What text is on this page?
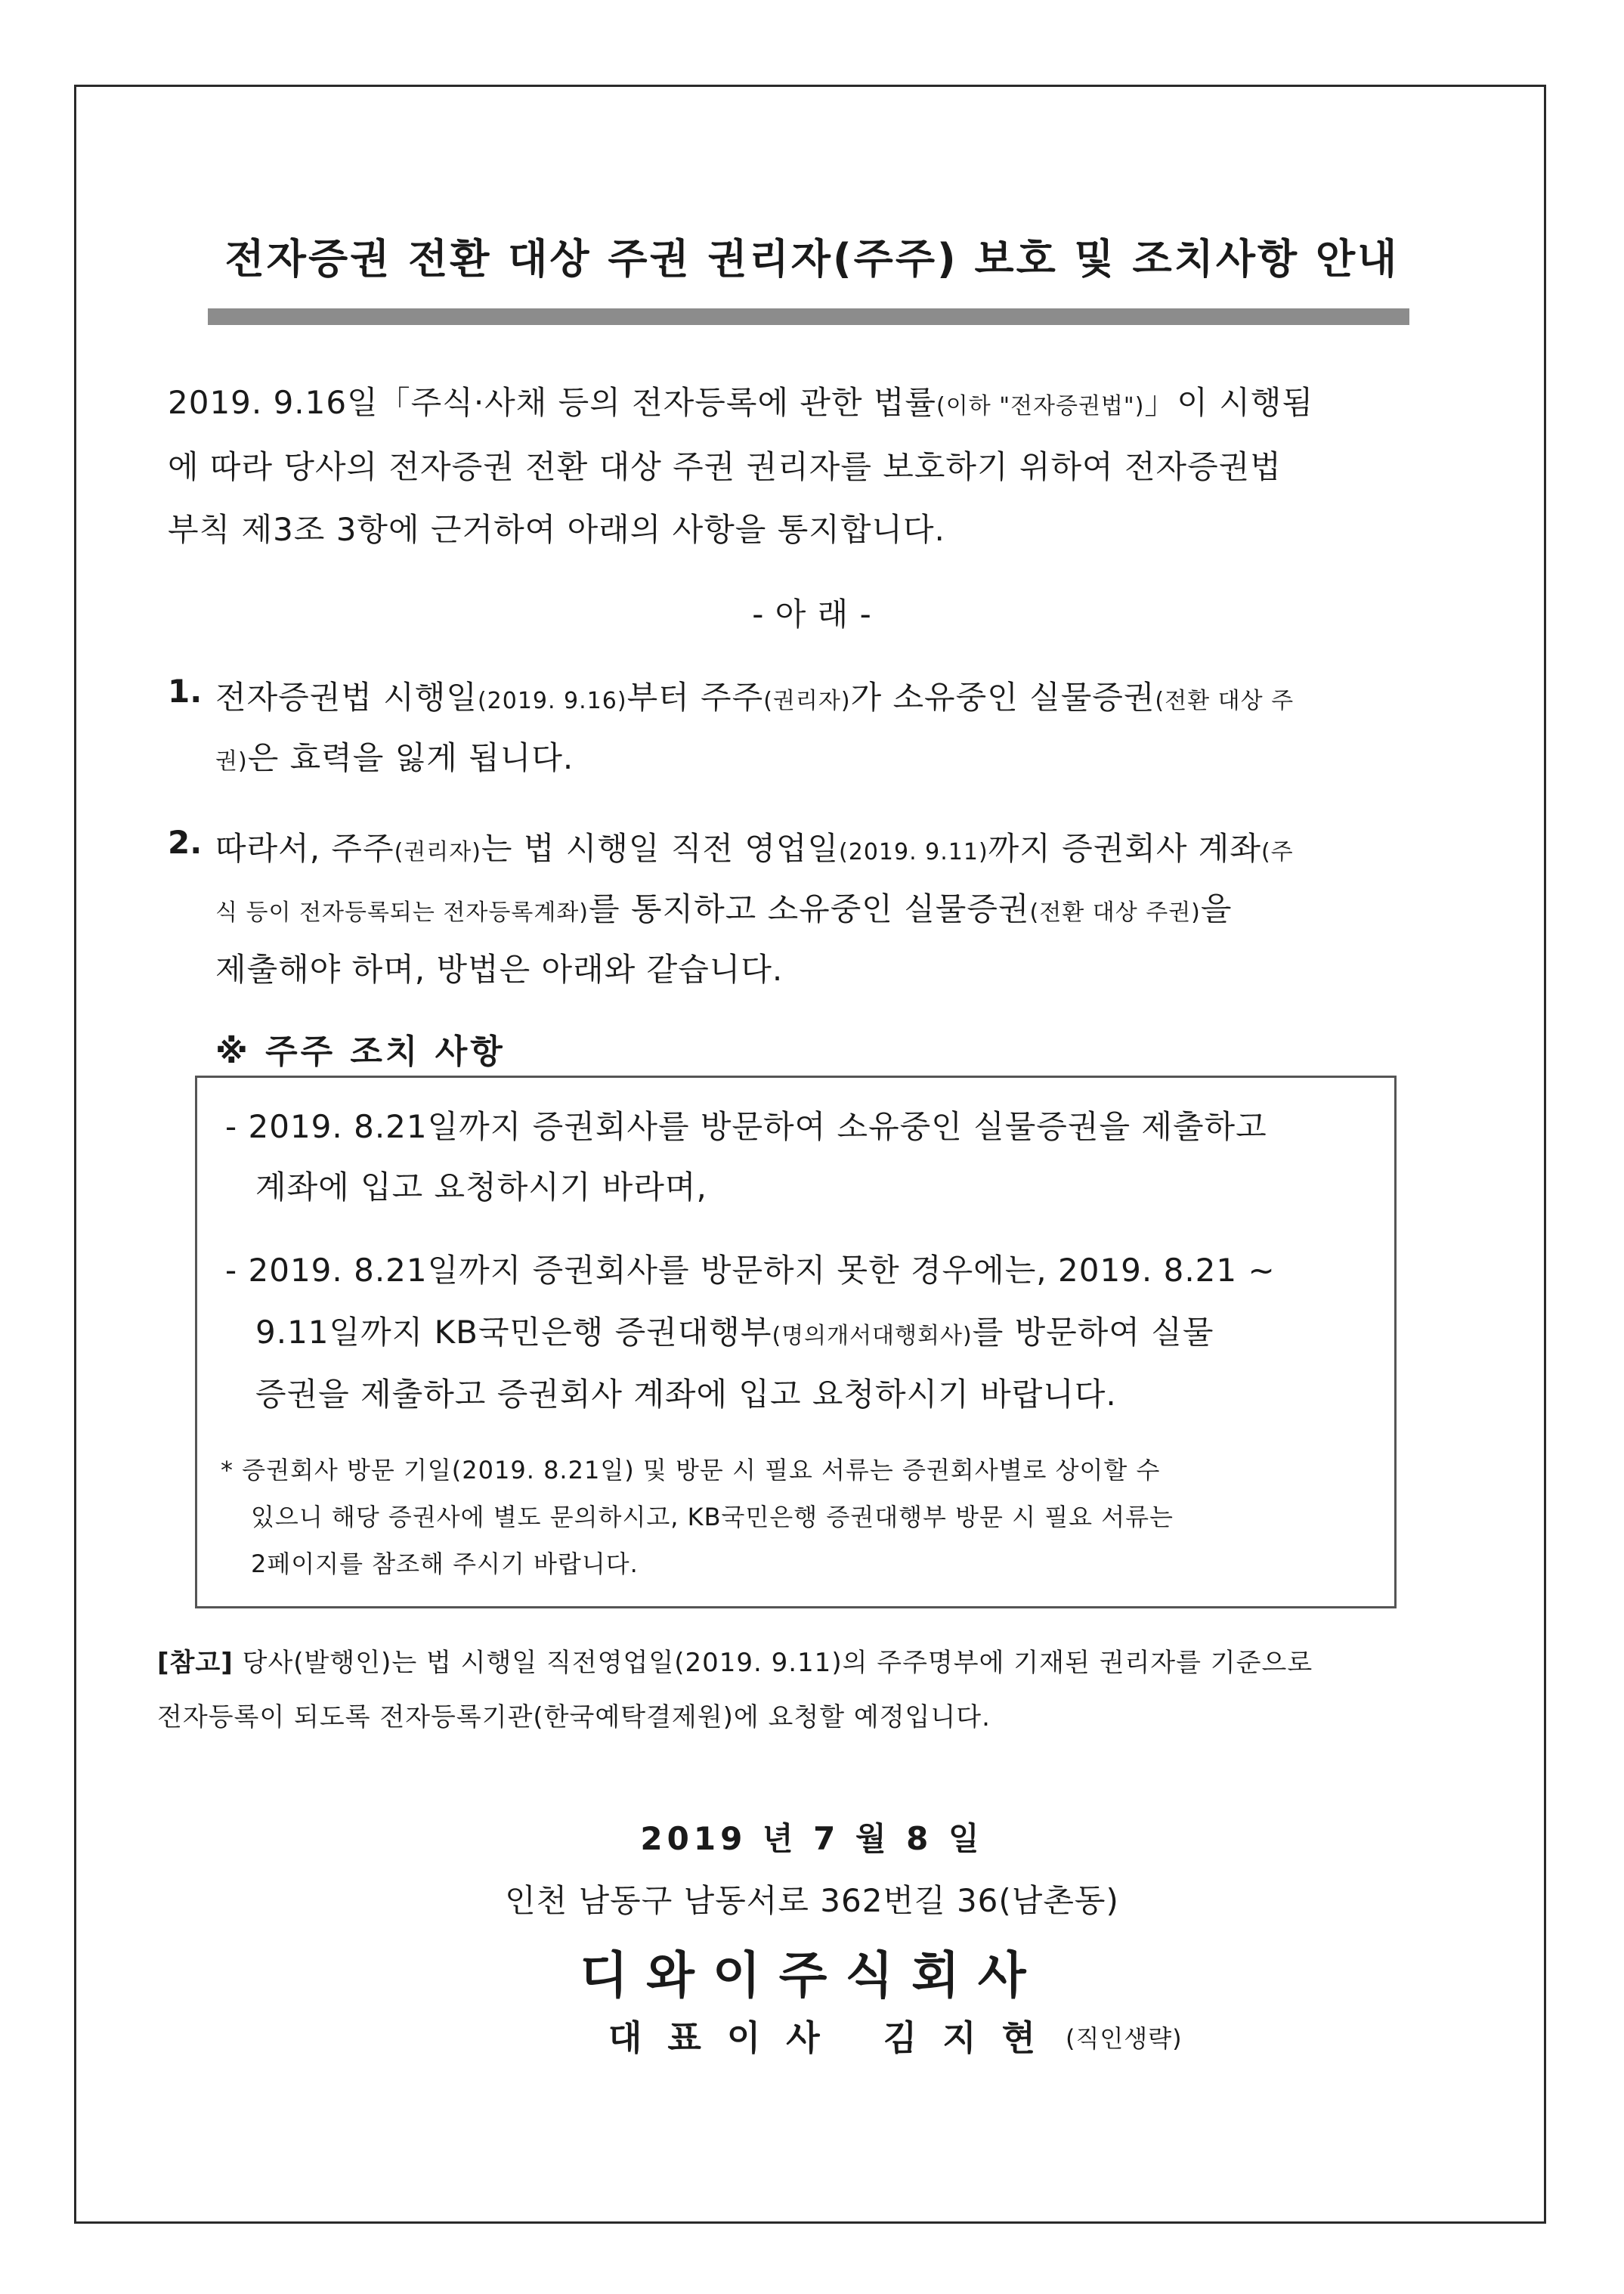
전자증권 전환 대상 주권 권리자(주주) 보호 및 조치사항 안내
2019. 9.16일「주식·사채 등의 전자등록에 관한 법률(이하 "전자증권법")」이 시행됨
에 따라 당사의 전자증권 전환 대상 주권 권리자를 보호하기 위하여 전자증권법
부칙 제3조 3항에 근거하여 아래의 사항을 통지합니다.
- 아 래 -
1. 전자증권법 시행일(2019. 9.16)부터 주주(권리자)가 소유중인 실물증권(전환 대상 주
권)은 효력을 잃게 됩니다.
2. 따라서, 주주(권리자)는 법 시행일 직전 영업일(2019. 9.11)까지 증권회사 계좌(주
식 등이 전자등록되는 전자등록계좌)를 통지하고 소유중인 실물증권(전환 대상 주권)을
제출해야 하며, 방법은 아래와 같습니다.
※ 주주 조치 사항
- 2019. 8.21일까지 증권회사를 방문하여 소유중인 실물증권을 제출하고
계좌에 입고 요청하시기 바라며,
- 2019. 8.21일까지 증권회사를 방문하지 못한 경우에는, 2019. 8.21 ~
9.11일까지 KB국민은행 증권대행부(명의개서대행회사)를 방문하여 실물
증권을 제출하고 증권회사 계좌에 입고 요청하시기 바랍니다.
* 증권회사 방문 기일(2019. 8.21일) 및 방문 시 필요 서류는 증권회사별로 상이할 수
있으니 해당 증권사에 별도 문의하시고, KB국민은행 증권대행부 방문 시 필요 서류는
2페이지를 참조해 주시기 바랍니다.
[참고] 당사(발행인)는 법 시행일 직전영업일(2019. 9.11)의 주주명부에 기재된 권리자를 기준으로
전자등록이 되도록 전자등록기관(한국예탁결제원)에 요청할 예정입니다.
2019 년 7 월 8 일
인천 남동구 남동서로 362번길 36(남촌동)
디와이주식회사
대표이사 김지현 (직인생략)
